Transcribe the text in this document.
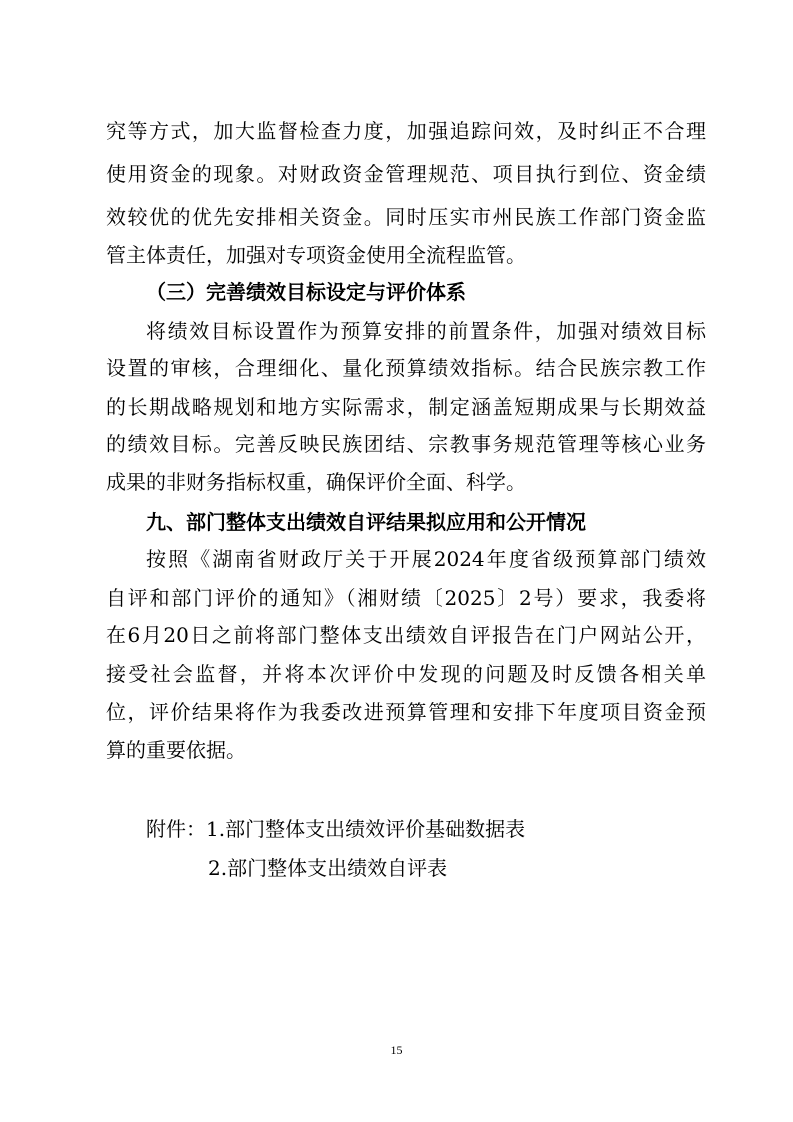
究等方式，加大监督检查力度，加强追踪问效，及时纠正不合理
使用资金的现象。对财政资金管理规范、项目执行到位、资金绩
效较优的优先安排相关资金。同时压实市州民族工作部门资金监
管主体责任，加强对专项资金使用全流程监管。
（三）完善绩效目标设定与评价体系
将绩效目标设置作为预算安排的前置条件，加强对绩效目标
设置的审核，合理细化、量化预算绩效指标。结合民族宗教工作
的长期战略规划和地方实际需求，制定涵盖短期成果与长期效益
的绩效目标。完善反映民族团结、宗教事务规范管理等核心业务
成果的非财务指标权重，确保评价全面、科学。
九、部门整体支出绩效自评结果拟应用和公开情况
按照《湖南省财政厅关于开展2024年度省级预算部门绩效
自评和部门评价的通知》（湘财绩〔2025〕2号）要求，我委将
在6月20日之前将部门整体支出绩效自评报告在门户网站公开，
接受社会监督，并将本次评价中发现的问题及时反馈各相关单
位，评价结果将作为我委改进预算管理和安排下年度项目资金预
算的重要依据。
附件：1.部门整体支出绩效评价基础数据表
2.部门整体支出绩效自评表
15
